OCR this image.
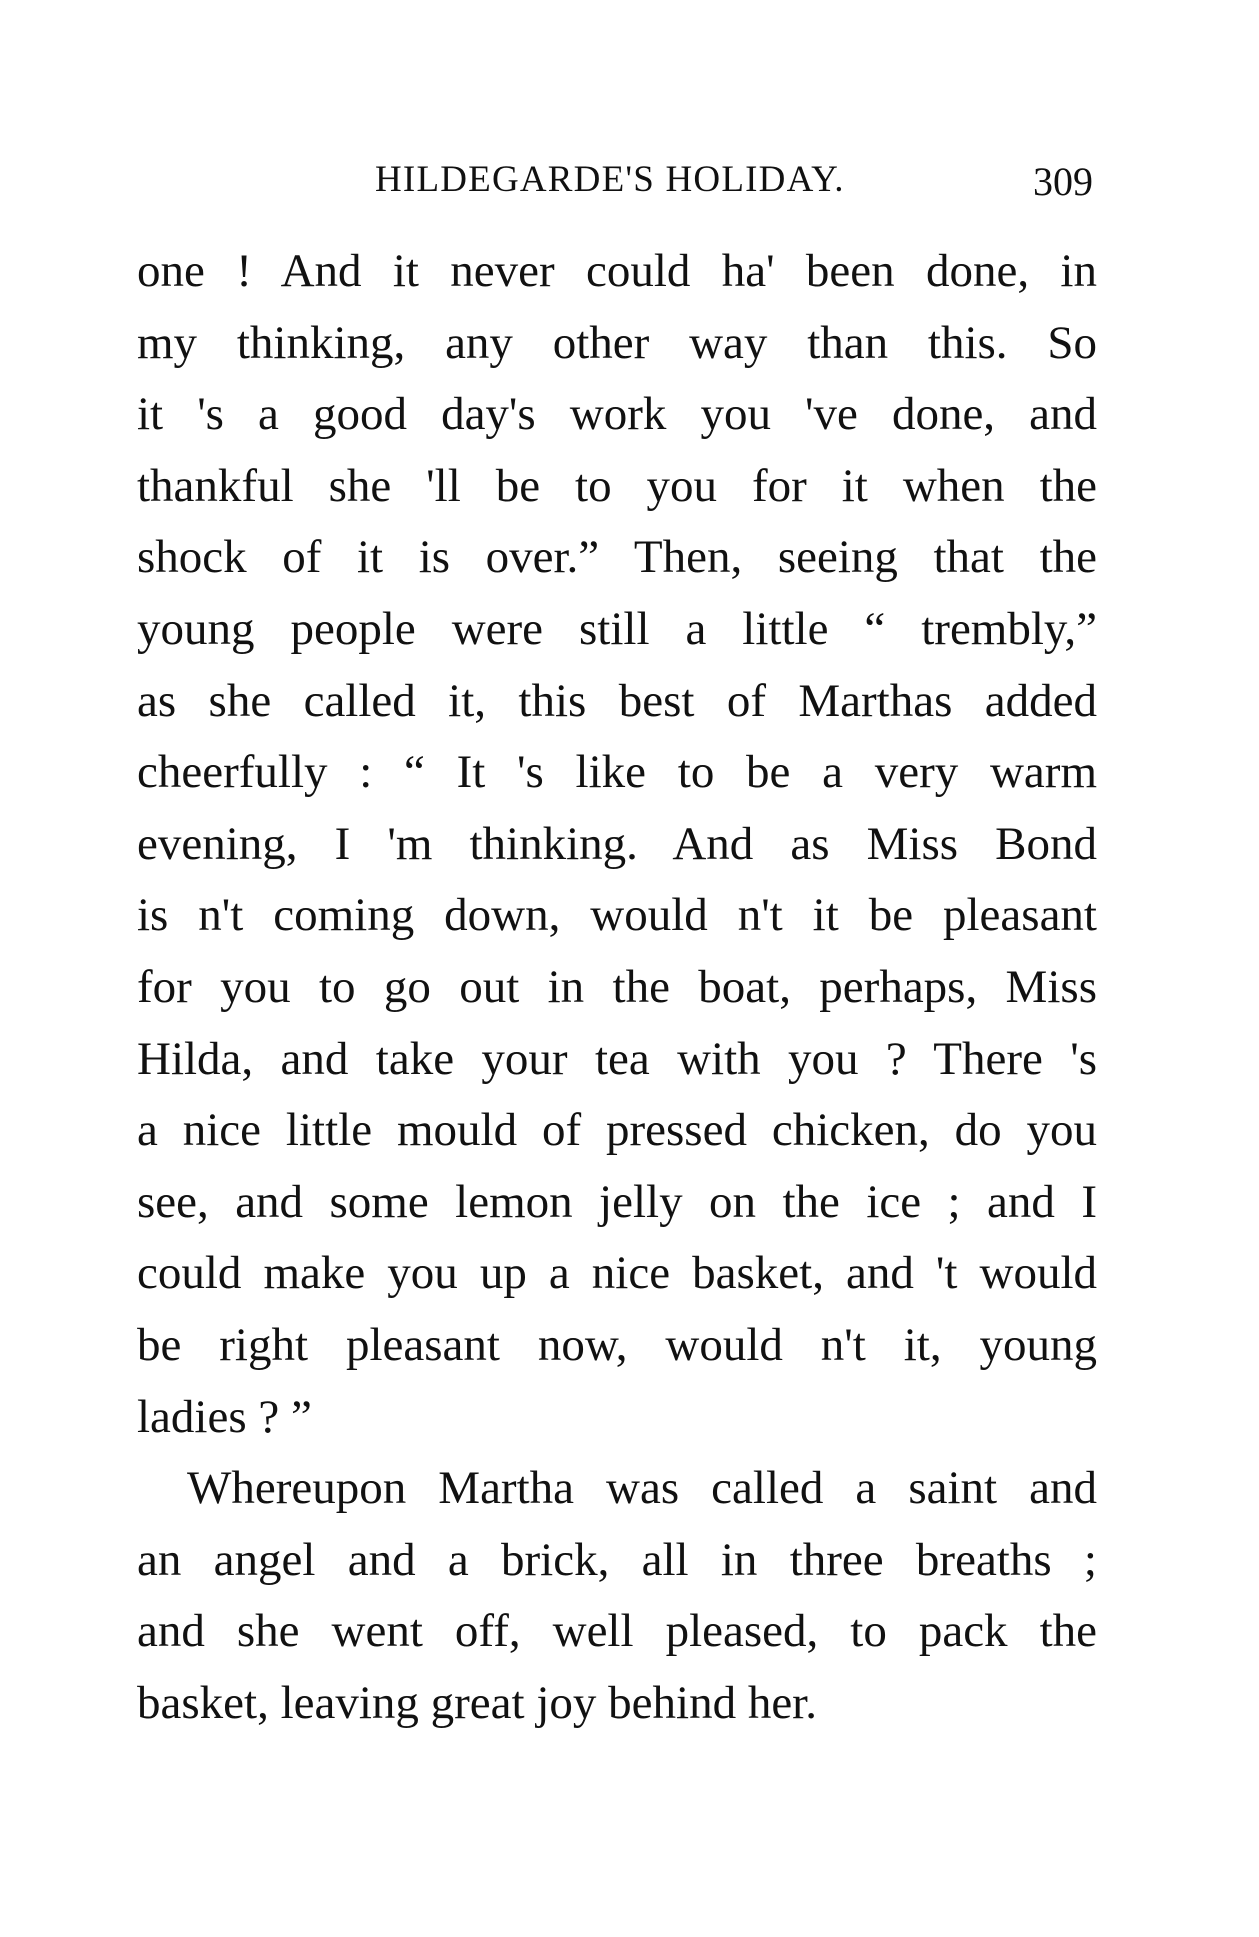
HILDEGARDE'S HOLIDAY.	309
one ! And it never could ha' been done, in
my thinking, any other way than this. So
it 's a good day's work you 've done, and
thankful she 'll be to you for it when the
shock of it is over.” Then, seeing that the
young people were still a little “ trembly,”
as she called it, this best of Marthas added
cheerfully : “ It 's like to be a very warm
evening, I 'm thinking. And as Miss Bond
is n't coming down, would n't it be pleasant
for you to go out in the boat, perhaps, Miss
Hilda, and take your tea with you ? There 's
a nice little mould of pressed chicken, do you
see, and some lemon jelly on the ice ; and I
could make you up a nice basket, and 't would
be right pleasant now, would n't it, young
ladies ? ”
Whereupon Martha was called a saint and
an angel and a brick, all in three breaths ;
and she went off, well pleased, to pack the
basket, leaving great joy behind her.
